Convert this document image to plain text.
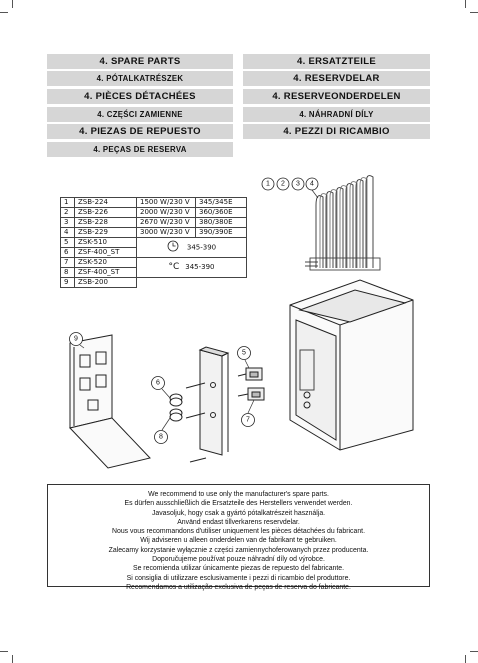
4. SPARE PARTS	4. ERSATZTEILE
4. PÓTALKATRÉSZEK	4. RESERVDELAR
4. PIÈCES DÉTACHÉES	4. RESERVEONDERDELEN
4. CZĘŚCI ZAMIENNE	4. NÁHRADNÍ DÍLY
4. PIEZAS DE REPUESTO	4. PEZZI DI RICAMBIO
4. PEÇAS DE RESERVA
1	ZSB-224	1500 W/230 V	345/345E
2	ZSB-226	2000 W/230 V	360/360E
3	ZSB-228	2670 W/230 V	380/380E
4	ZSB-229	3000 W/230 V	390/390E
5	ZSK-510	345-390	
6	ZSF-400_ST		
7	ZSK-520	°C 345-390	
8	ZSF-400_ST		
9	ZSB-200		
1 2 3 4
5
6
7
8
9
We recommend to use only the manufacturer's spare parts.
Es dürfen ausschließlich die Ersatzteile des Herstellers verwendet werden.
Javasoljuk, hogy csak a gyártó pótalkatrészeit használja.
Använd endast tillverkarens reservdelar.
Nous vous recommandons d'utiliser uniquement les pièces détachées du fabricant.
Wij adviseren u alleen onderdelen van de fabrikant te gebruiken.
Zalecamy korzystanie wyłącznie z części zamiennychoferowanych przez producenta.
Doporučujeme používat pouze náhradní díly od výrobce.
Se recomienda utilizar únicamente piezas de repuesto del fabricante.
Si consiglia di utilizzare esclusivamente i pezzi di ricambio del produttore.
Recomendamos a utilização exclusiva de peças de reserva do fabricante.
